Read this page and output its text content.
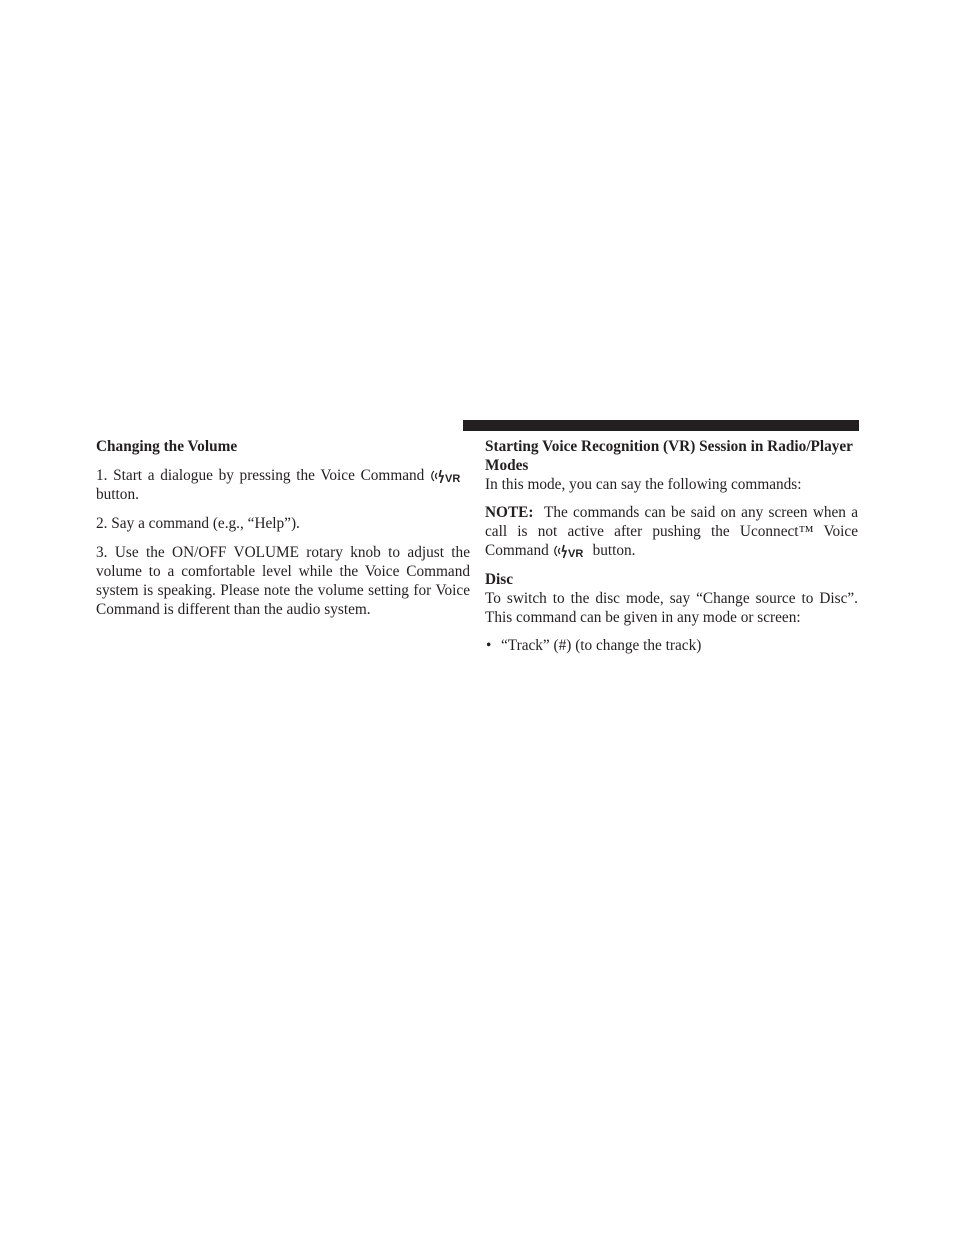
Changing the Volume

1. Start a dialogue by pressing the Voice Command VR
button.

2. Say a command (e.g., “Help”).

3. Use the ON/OFF VOLUME rotary knob to adjust the volume to a comfortable level while the Voice Command system is speaking. Please note the volume setting for Voice Command is different than the audio system.

Starting Voice Recognition (VR) Session in Radio/Player Modes

In this mode, you can say the following commands:

NOTE: The commands can be said on any screen when a call is not active after pushing the Uconnect™ Voice Command VR button.

Disc

To switch to the disc mode, say “Change source to Disc”. This command can be given in any mode or screen:

• “Track” (#) (to change the track)
